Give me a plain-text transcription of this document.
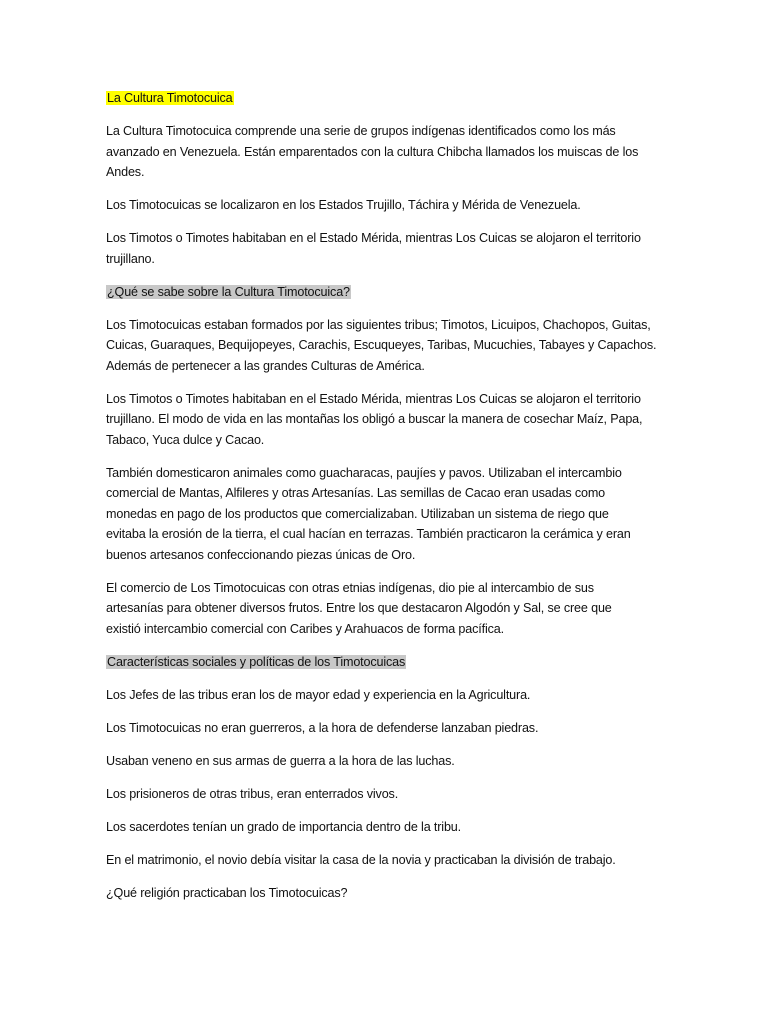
La Cultura Timotocuica
La Cultura Timotocuica comprende una serie de grupos indígenas identificados como los más
avanzado en Venezuela. Están emparentados con la cultura Chibcha llamados los muiscas de los
Andes.
Los Timotocuicas se localizaron en los Estados Trujillo, Táchira y Mérida de Venezuela.
Los Timotos o Timotes habitaban en el Estado Mérida, mientras Los Cuicas se alojaron el territorio
trujillano.
¿Qué se sabe sobre la Cultura Timotocuica?
Los Timotocuicas estaban formados por las siguientes tribus; Timotos, Licuipos, Chachopos, Guitas,
Cuicas, Guaraques, Bequijopeyes, Carachis, Escuqueyes, Taribas, Mucuchies, Tabayes y Capachos.
Además de pertenecer a las grandes Culturas de América.
Los Timotos o Timotes habitaban en el Estado Mérida, mientras Los Cuicas se alojaron el territorio
trujillano. El modo de vida en las montañas los obligó a buscar la manera de cosechar Maíz, Papa,
Tabaco, Yuca dulce y Cacao.
También domesticaron animales como guacharacas, paujíes y pavos. Utilizaban el intercambio
comercial de Mantas, Alfileres y otras Artesanías. Las semillas de Cacao eran usadas como
monedas en pago de los productos que comercializaban. Utilizaban un sistema de riego que
evitaba la erosión de la tierra, el cual hacían en terrazas. También practicaron la cerámica y eran
buenos artesanos confeccionando piezas únicas de Oro.
El comercio de Los Timotocuicas con otras etnias indígenas, dio pie al intercambio de sus
artesanías para obtener diversos frutos. Entre los que destacaron Algodón y Sal, se cree que
existió intercambio comercial con Caribes y Arahuacos de forma pacífica.
Características sociales y políticas de los Timotocuicas
Los Jefes de las tribus eran los de mayor edad y experiencia en la Agricultura.
Los Timotocuicas no eran guerreros, a la hora de defenderse lanzaban piedras.
Usaban veneno en sus armas de guerra a la hora de las luchas.
Los prisioneros de otras tribus, eran enterrados vivos.
Los sacerdotes tenían un grado de importancia dentro de la tribu.
En el matrimonio, el novio debía visitar la casa de la novia y practicaban la división de trabajo.
¿Qué religión practicaban los Timotocuicas?
